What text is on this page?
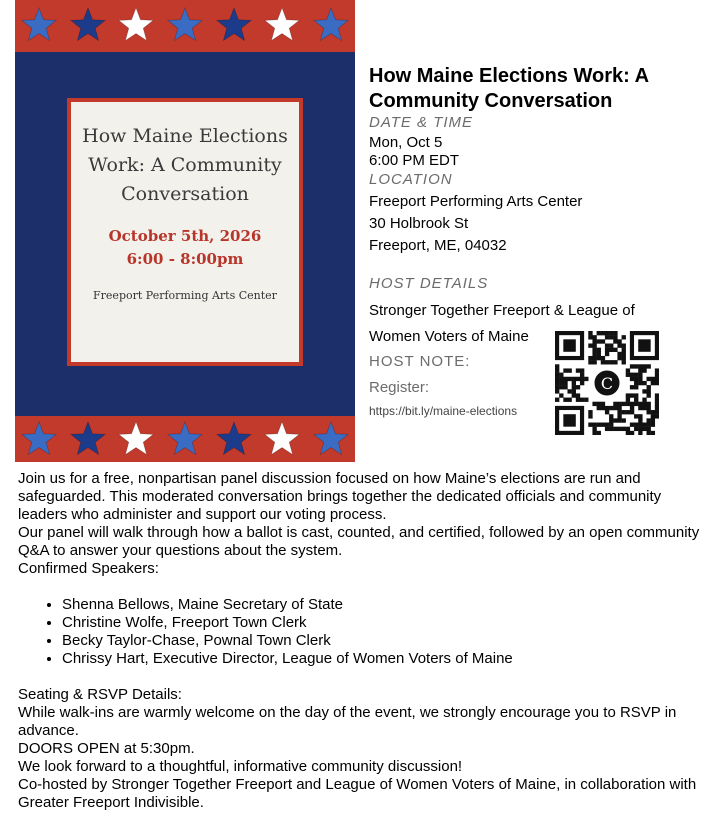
How Maine Elections Work: A Community Conversation
October 5th, 2026
6:00 - 8:00pm
Freeport Performing Arts Center
How Maine Elections Work: A Community Conversation
DATE & TIME
Mon, Oct 5
6:00 PM EDT
LOCATION
Freeport Performing Arts Center
30 Holbrook St
Freeport, ME, 04032
HOST DETAILS
Stronger Together Freeport & League of
Women Voters of Maine
HOST NOTE:
Register:
https://bit.ly/maine-elections
C

Join us for a free, nonpartisan panel discussion focused on how Maine’s elections are run and safeguarded. This moderated conversation brings together the dedicated officials and community leaders who administer and support our voting process.

Our panel will walk through how a ballot is cast, counted, and certified, followed by an open community Q&A to answer your questions about the system.

Confirmed Speakers:

• Shenna Bellows, Maine Secretary of State
• Christine Wolfe, Freeport Town Clerk
• Becky Taylor-Chase, Pownal Town Clerk
• Chrissy Hart, Executive Director, League of Women Voters of Maine

Seating & RSVP Details:

While walk-ins are warmly welcome on the day of the event, we strongly encourage you to RSVP in advance.

DOORS OPEN at 5:30pm.

We look forward to a thoughtful, informative community discussion!

Co-hosted by Stronger Together Freeport and League of Women Voters of Maine, in collaboration with Greater Freeport Indivisible.
